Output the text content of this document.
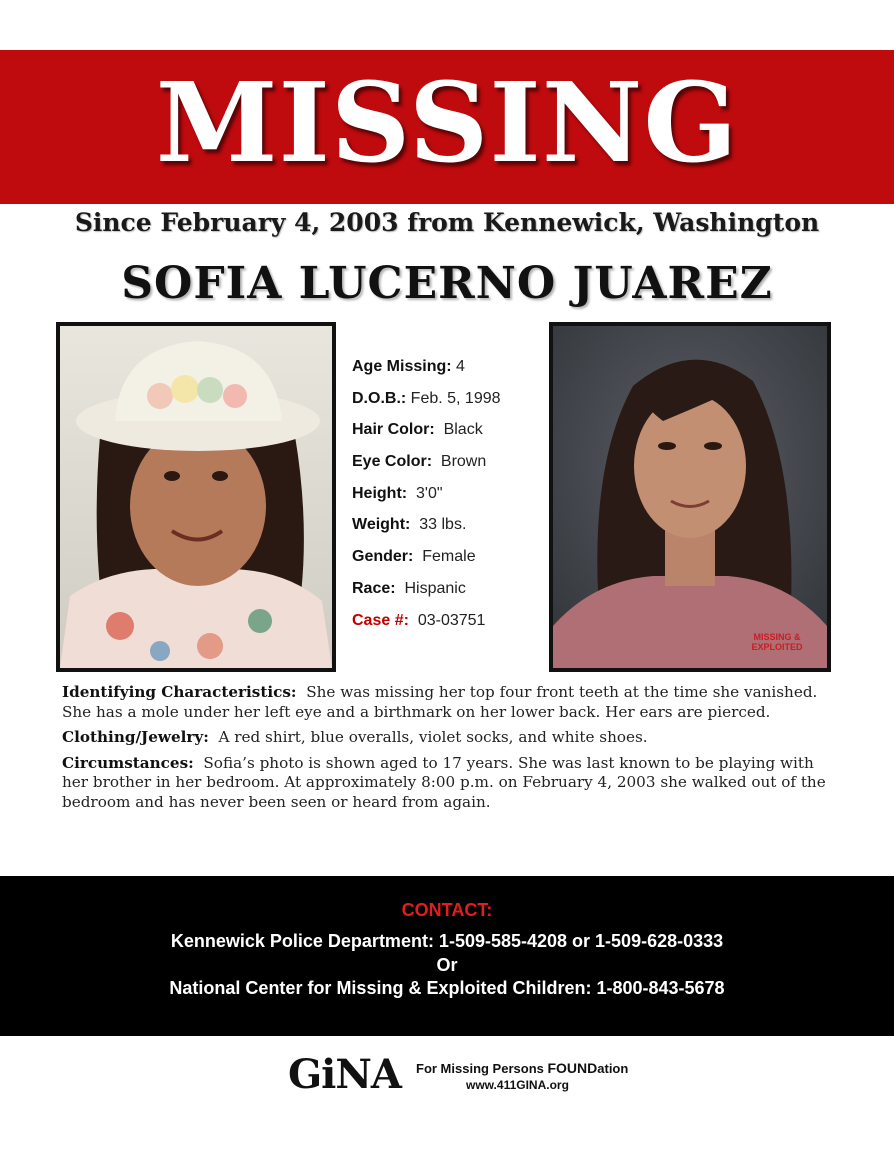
MISSING
Since February 4, 2003 from Kennewick, Washington
SOFIA LUCERNO JUAREZ
Age Missing: 4
D.O.B.: Feb. 5, 1998
Hair Color: Black
Eye Color: Brown
Height: 3'0"
Weight: 33 lbs.
Gender: Female
Race: Hispanic
Case #: 03-03751
MISSING & EXPLOITED

Identifying Characteristics: She was missing her top four front teeth at the time she vanished. She has a mole under her left eye and a birthmark on her lower back. Her ears are pierced.

Clothing/Jewelry: A red shirt, blue overalls, violet socks, and white shoes.

Circumstances: Sofia’s photo is shown aged to 17 years. She was last known to be playing with her brother in her bedroom. At approximately 8:00 p.m. on February 4, 2003 she walked out of the bedroom and has never been seen or heard from again.

CONTACT:
Kennewick Police Department: 1-509-585-4208 or 1-509-628-0333
Or
National Center for Missing & Exploited Children: 1-800-843-5678
GiNA For Missing Persons FOUNDation
www.411GINA.org
